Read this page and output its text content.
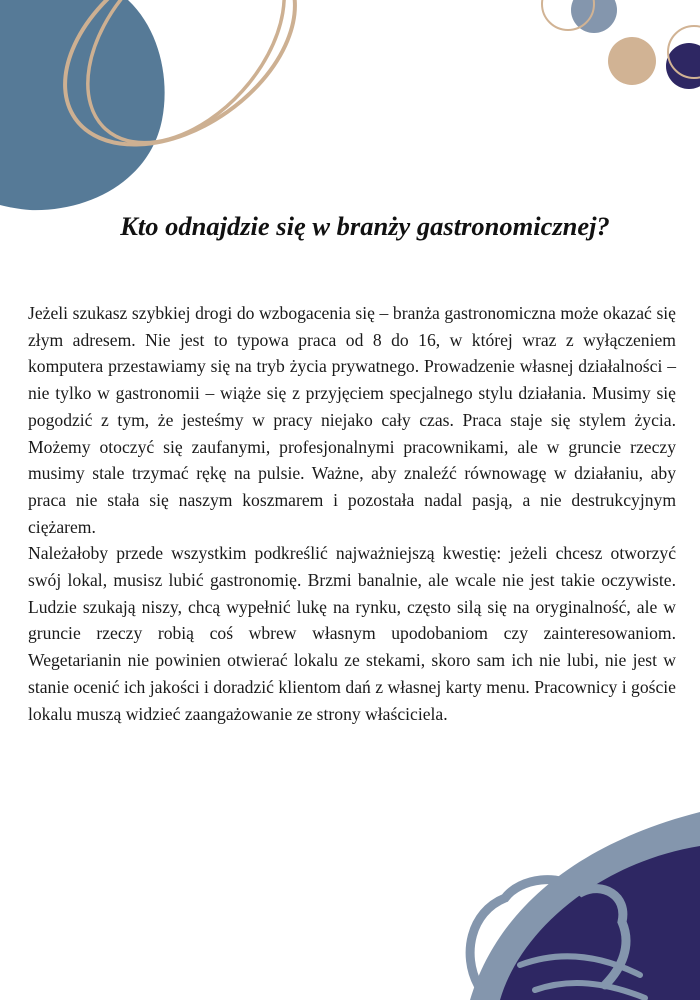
Kto odnajdzie się w branży gastronomicznej?

Jeżeli szukasz szybkiej drogi do wzbogacenia się – branża gastronomiczna może okazać się złym adresem. Nie jest to typowa praca od 8 do 16, w której wraz z wyłączeniem komputera przestawiamy się na tryb życia prywatnego. Prowadzenie własnej działalności – nie tylko w gastronomii – wiąże się z przyjęciem specjalnego stylu działania. Musimy się pogodzić z tym, że jesteśmy w pracy niejako cały czas. Praca staje się stylem życia. Możemy otoczyć się zaufanymi, profesjonalnymi pracownikami, ale w gruncie rzeczy musimy stale trzymać rękę na pulsie. Ważne, aby znaleźć równowagę w działaniu, aby praca nie stała się naszym koszmarem i pozostała nadal pasją, a nie destrukcyjnym ciężarem.

Należałoby przede wszystkim podkreślić najważniejszą kwestię: jeżeli chcesz otworzyć swój lokal, musisz lubić gastronomię. Brzmi banalnie, ale wcale nie jest takie oczywiste. Ludzie szukają niszy, chcą wypełnić lukę na rynku, często silą się na oryginalność, ale w gruncie rzeczy robią coś wbrew własnym upodobaniom czy zainteresowaniom. Wegetarianin nie powinien otwierać lokalu ze stekami, skoro sam ich nie lubi, nie jest w stanie ocenić ich jakości i doradzić klientom dań z własnej karty menu. Pracownicy i goście lokalu muszą widzieć zaangażowanie ze strony właściciela.
